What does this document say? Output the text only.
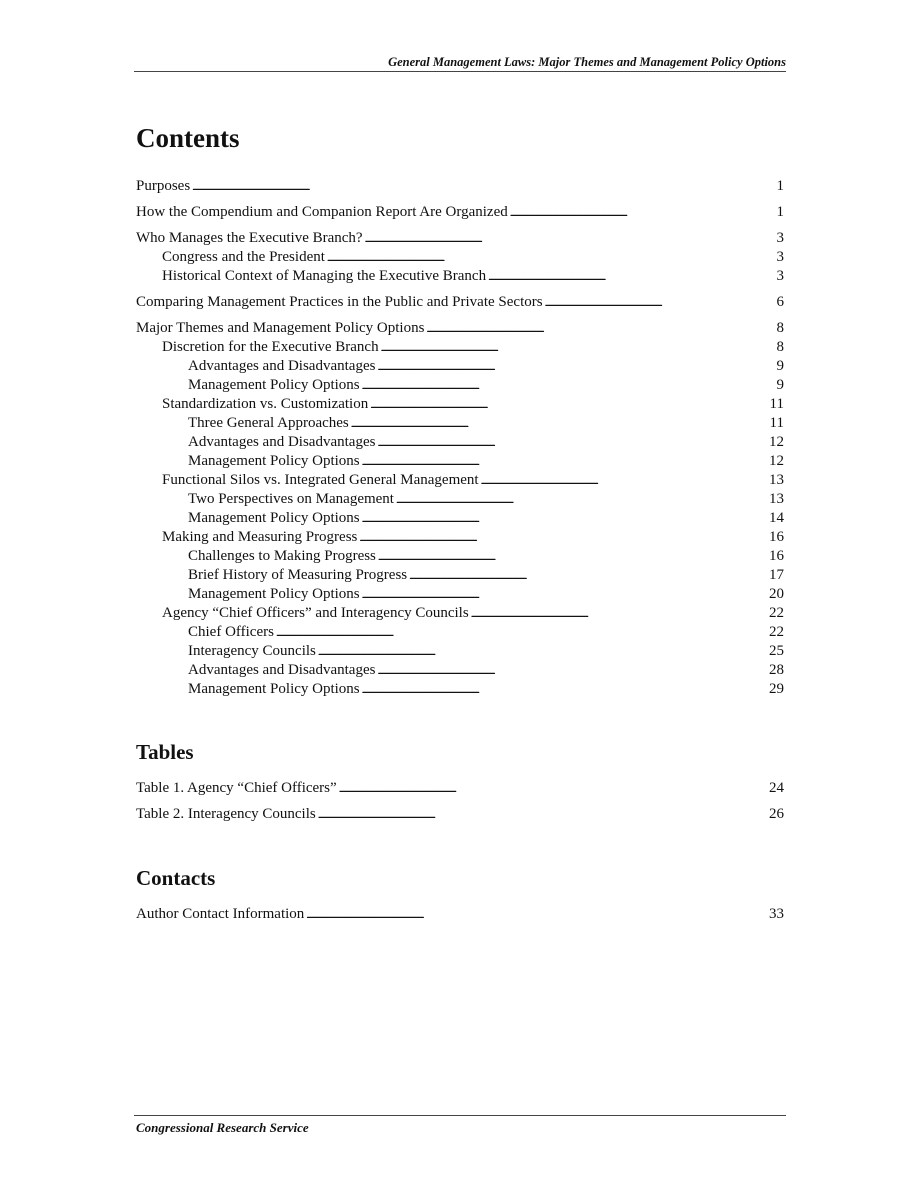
General Management Laws: Major Themes and Management Policy Options
Contents
Purposes . . .	1
How the Compendium and Companion Report Are Organized . . .	1
Who Manages the Executive Branch? . . .	3
Congress and the President . . .	3
Historical Context of Managing the Executive Branch . . .	3
Comparing Management Practices in the Public and Private Sectors . . .	6
Major Themes and Management Policy Options . . .	8
Discretion for the Executive Branch . . .	8
Advantages and Disadvantages . . .	9
Management Policy Options . . .	9
Standardization vs. Customization . . .	11
Three General Approaches . . .	11
Advantages and Disadvantages . . .	12
Management Policy Options . . .	12
Functional Silos vs. Integrated General Management . . .	13
Two Perspectives on Management . . .	13
Management Policy Options . . .	14
Making and Measuring Progress . . .	16
Challenges to Making Progress . . .	16
Brief History of Measuring Progress . . .	17
Management Policy Options . . .	20
Agency “Chief Officers” and Interagency Councils . . .	22
Chief Officers . . .	22
Interagency Councils . . .	25
Advantages and Disadvantages . . .	28
Management Policy Options . . .	29
Tables
Table 1. Agency “Chief Officers” . . .	24
Table 2. Interagency Councils . . .	26
Contacts
Author Contact Information . . .	33
Congressional Research Service
